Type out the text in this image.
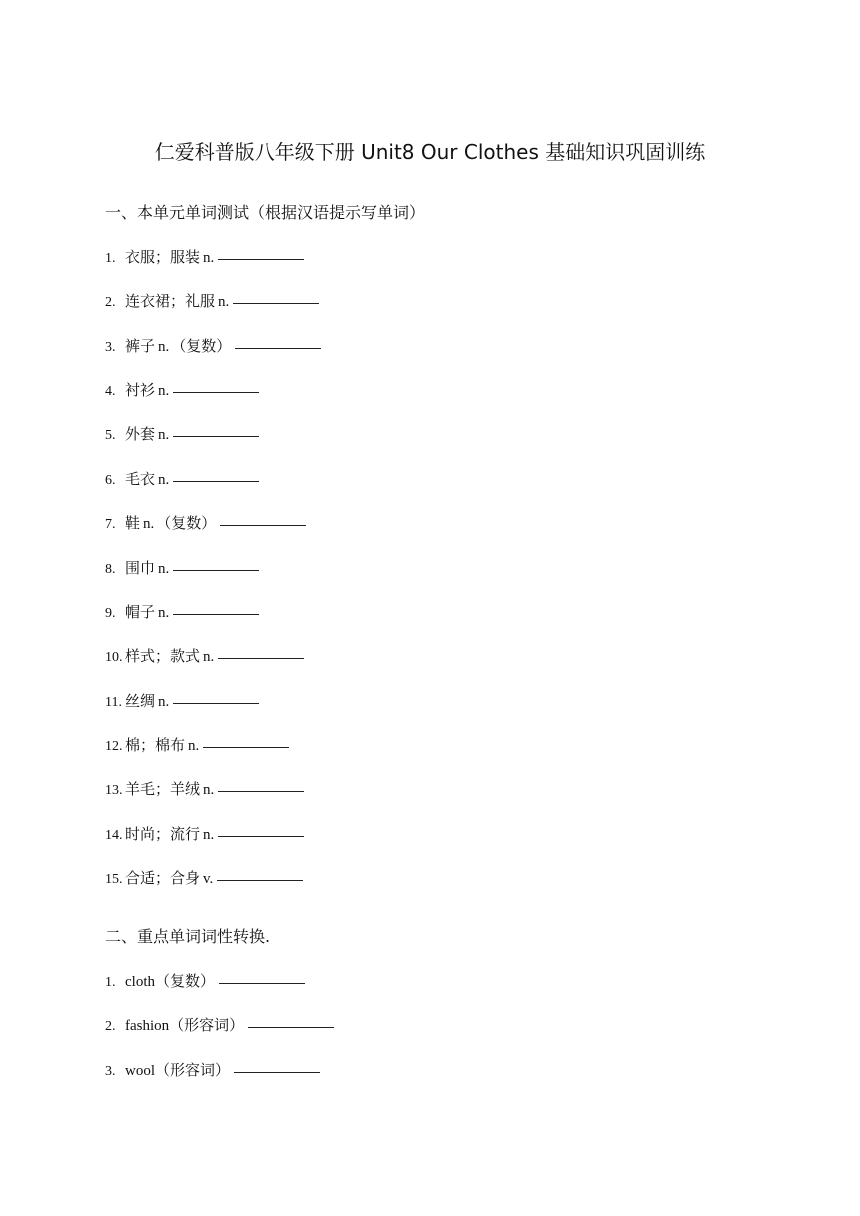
仁爱科普版八年级下册 Unit8 Our Clothes 基础知识巩固训练
一、本单元单词测试（根据汉语提示写单词）
1. 衣服；服装 n.
2. 连衣裙；礼服 n.
3. 裤子 n. （复数）
4. 衬衫 n.
5. 外套 n.
6. 毛衣 n.
7. 鞋 n. （复数）
8. 围巾 n.
9. 帽子 n.
10. 样式；款式 n.
11. 丝绸 n.
12. 棉；棉布 n.
13. 羊毛；羊绒 n.
14. 时尚；流行 n.
15. 合适；合身 v.
二、重点单词词性转换.
1. cloth （复数）
2. fashion （形容词）
3. wool （形容词）
